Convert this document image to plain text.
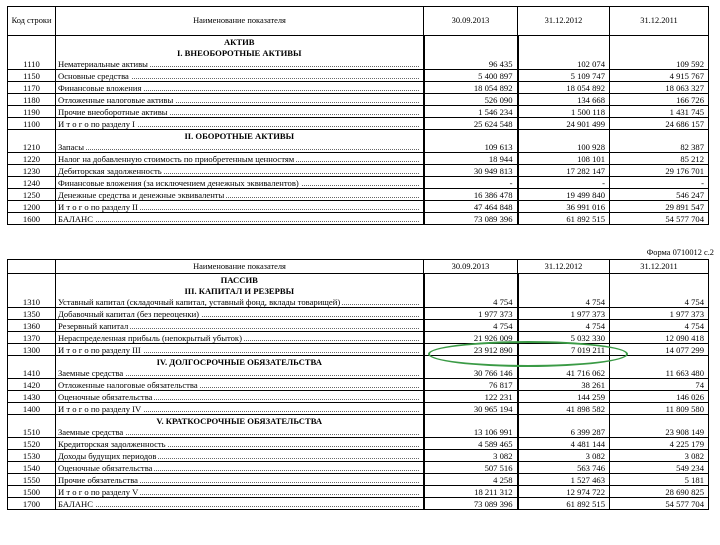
Код строки	Наименование показателя	30.09.2013	31.12.2012	31.12.2011
	АКТИВ			
	I. ВНЕОБОРОТНЫЕ АКТИВЫ			
1110	Нематериальные активы	96 435	102 074	109 592
1150	Основные средства	5 400 897	5 109 747	4 915 767
1170	Финансовые вложения	18 054 892	18 054 892	18 063 327
1180	Отложенные налоговые активы	526 090	134 668	166 726
1190	Прочие внеоборотные активы	1 546 234	1 500 118	1 431 745
1100	И т о г о по разделу I	25 624 548	24 901 499	24 686 157
	II. ОБОРОТНЫЕ АКТИВЫ			
1210	Запасы	109 613	100 928	82 387
1220	Налог на добавленную стоимость по приобретенным ценностям	18 944	108 101	85 212
1230	Дебиторская задолженность	30 949 813	17 282 147	29 176 701
1240	Финансовые вложения (за исключением денежных эквивалентов)	-	-	-
1250	Денежные средства и денежные эквиваленты	16 386 478	19 499 840	546 247
1200	И т о г о по разделу II	47 464 848	36 991 016	29 891 547
1600	БАЛАНС	73 089 396	61 892 515	54 577 704
Форма 0710012 с.2
	Наименование показателя	30.09.2013	31.12.2012	31.12.2011
	ПАССИВ			
	III. КАПИТАЛ И РЕЗЕРВЫ			
1310	Уставный капитал (складочный капитал, уставный фонд, вклады товарищей)	4 754	4 754	4 754
1350	Добавочный капитал (без переоценки)	1 977 373	1 977 373	1 977 373
1360	Резервный капитал	4 754	4 754	4 754
1370	Нераспределенная прибыль (непокрытый убыток)	21 926 009	5 032 330	12 090 418
1300	И т о г о по разделу III	23 912 890	7 019 211	14 077 299
	IV. ДОЛГОСРОЧНЫЕ ОБЯЗАТЕЛЬСТВА			
1410	Заемные средства	30 766 146	41 716 062	11 663 480
1420	Отложенные налоговые обязательства	76 817	38 261	74
1430	Оценочные обязательства	122 231	144 259	146 026
1400	И т о г о по разделу IV	30 965 194	41 898 582	11 809 580
	V. КРАТКОСРОЧНЫЕ ОБЯЗАТЕЛЬСТВА			
1510	Заемные средства	13 106 991	6 399 287	23 908 149
1520	Кредиторская задолженность	4 589 465	4 481 144	4 225 179
1530	Доходы будущих периодов	3 082	3 082	3 082
1540	Оценочные обязательства	507 516	563 746	549 234
1550	Прочие обязательства	4 258	1 527 463	5 181
1500	И т о г о по разделу V	18 211 312	12 974 722	28 690 825
1700	БАЛАНС	73 089 396	61 892 515	54 577 704
